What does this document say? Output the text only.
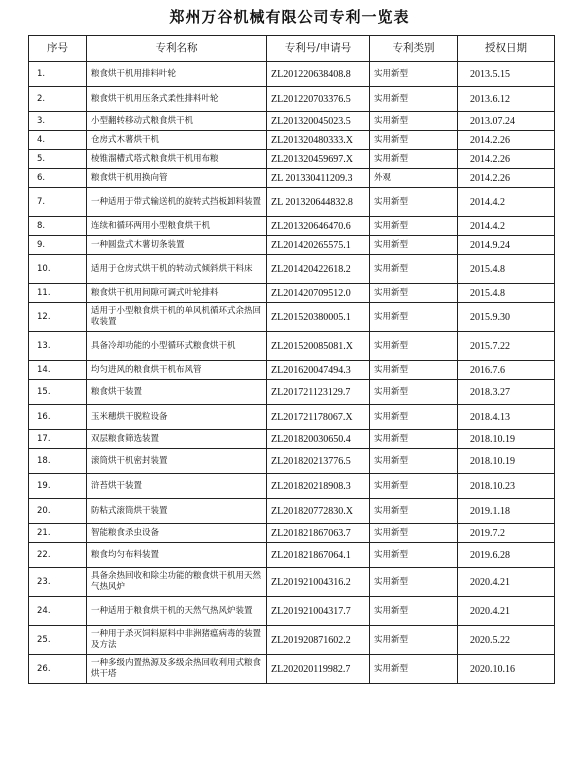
郑州万谷机械有限公司专利一览表
序号	专利名称	专利号/申请号	专利类别	授权日期
1.	粮食烘干机用排料叶轮	ZL201220638408.8	实用新型	2013.5.15
2.	粮食烘干机用压条式柔性排料叶轮	ZL201220703376.5	实用新型	2013.6.12
3.	小型翻转移动式粮食烘干机	ZL201320045023.5	实用新型	2013.07.24
4.	仓房式木薯烘干机	ZL201320480333.X	实用新型	2014.2.26
5.	棱锥溜槽式塔式粮食烘干机用布粮	ZL201320459697.X	实用新型	2014.2.26
6.	粮食烘干机用换向管	ZL 201330411209.3	外观	2014.2.26
7.	一种适用于带式输送机的旋转式挡板卸料装置	ZL 201320644832.8	实用新型	2014.4.2
8.	连续和循环两用小型粮食烘干机	ZL201320646470.6	实用新型	2014.4.2
9.	一种圆盘式木薯切条装置	ZL201420265575.1	实用新型	2014.9.24
10.	适用于仓房式烘干机的转动式倾斜烘干料床	ZL201420422618.2	实用新型	2015.4.8
11.	粮食烘干机用间隙可调式叶轮排料	ZL201420709512.0	实用新型	2015.4.8
12.	适用于小型粮食烘干机的单风机循环式余热回收装置	ZL201520380005.1	实用新型	2015.9.30
13.	具备冷却功能的小型循环式粮食烘干机	ZL201520085081.X	实用新型	2015.7.22
14.	均匀进风的粮食烘干机布风管	ZL201620047494.3	实用新型	2016.7.6
15.	粮食烘干装置	ZL201721123129.7	实用新型	2018.3.27
16.	玉米穗烘干脱粒设备	ZL201721178067.X	实用新型	2018.4.13
17.	双层粮食筛选装置	ZL201820030650.4	实用新型	2018.10.19
18.	滚筒烘干机密封装置	ZL201820213776.5	实用新型	2018.10.19
19.	浒苔烘干装置	ZL201820218908.3	实用新型	2018.10.23
20.	防粘式滚筒烘干装置	ZL201820772830.X	实用新型	2019.1.18
21.	智能粮食杀虫设备	ZL201821867063.7	实用新型	2019.7.2
22.	粮食均匀布料装置	ZL201821867064.1	实用新型	2019.6.28
23.	具备余热回收和除尘功能的粮食烘干机用天然气热风炉	ZL201921004316.2	实用新型	2020.4.21
24.	一种适用于粮食烘干机的天然气热风炉装置	ZL201921004317.7	实用新型	2020.4.21
25.	一种用于杀灭饲料原料中非洲猪瘟病毒的装置及方法	ZL201920871602.2	实用新型	2020.5.22
26.	一种多级内置热源及多级余热回收利用式粮食烘干塔	ZL202020119982.7	实用新型	2020.10.16
